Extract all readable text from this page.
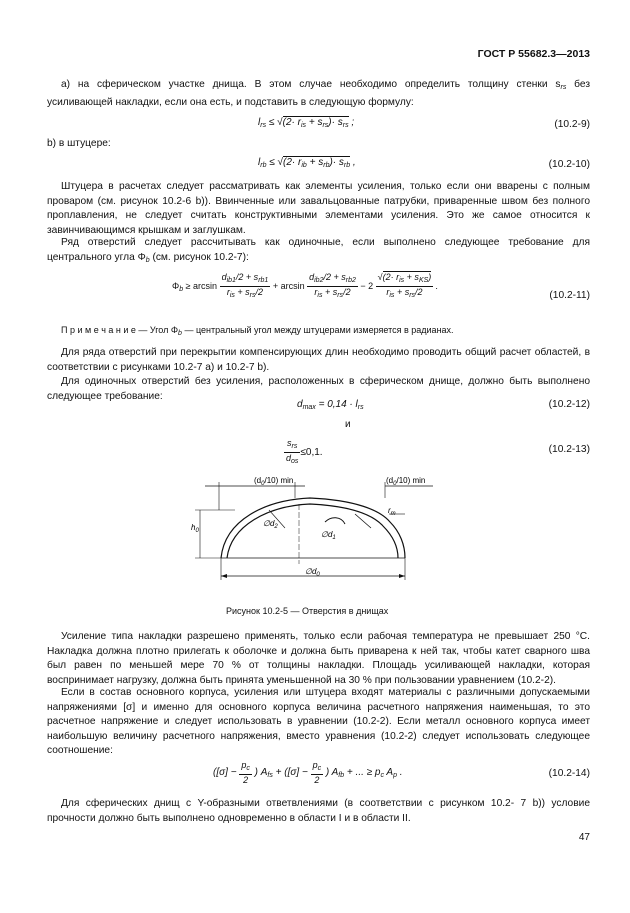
ГОСТ Р 55682.3—2013
a) на сферическом участке днища. В этом случае необходимо определить толщину стенки $s_{rs}$ без усиливающей накладки, если она есть, и подставить в следующую формулу:
$l_{rs} \le √(2\cdot r_{is} + s_{rs})\cdot s_{rs}$ ;	(10.2-9)
b) в штуцере:
$l_{rb} \le √(2\cdot r_{ib} + s_{rb})\cdot s_{rb}$ ,	(10.2-10)
Штуцера в расчетах следует рассматривать как элементы усиления, только если они вварены с полным проваром (см. рисунок 10.2-6 b)). Ввинченные или завальцованные патрубки, приваренные швом без полного проплавления, не следует считать конструктивными элементами усиления. Это же самое относится к завинчивающимся крышкам и заглушкам.
Ряд отверстий следует рассчитывать как одиночные, если выполнено следующее требование для центрального угла $\Phi_b$ (см. рисунок 10.2-7):
$\Phi_b \ge \arcsin \frac{d_{ib1}/2 + s_{rb1}}{r_{is} + s_{rs}/2} + \arcsin \frac{d_{ib2}/2 + s_{rb2}}{r_{is} + s_{rs}/2} - 2 \frac{√(2\cdot r_{is} + s_{KS})}{r_{is} + s_{rs}/2}$ .
(10.2-11)
П р и м е ч а н и е — Угол $\Phi_b$ — центральный угол между штуцерами измеряется в радианах.
Для ряда отверстий при перекрытии компенсирующих длин необходимо проводить общий расчет областей, в соответствии с рисунками 10.2-7 a) и 10.2-7 b).
Для одиночных отверстий без усиления, расположенных в сферическом днище, должно быть выполнено следующее требование:
$d_{max} = 0,14 \cdot l_{rs}$	(10.2-12)
и
$\frac{s_{rs}}{d_{os}} \le 0,1$.	(10.2-13)
$(d_0/10)$ min	$(d_0/10)$ min
$h_0$
$\emptyset d_2$
$\emptyset d_1$
$r_m$
$\emptyset d_0$
Рисунок 10.2-5 — Отверстия в днищах
Усиление типа накладки разрешено применять, только если рабочая температура не превышает 250 °С. Накладка должна плотно прилегать к оболочке и должна быть приварена к ней так, чтобы катет сварного шва был равен по меньшей мере 70 % от толщины накладки. Площадь усиливающей накладки, которая воспринимает нагрузку, должна быть принята уменьшенной на 30 % при пользовании уравнением (10.2-2).
Если в состав основного корпуса, усиления или штуцера входят материалы с различными допускаемыми напряжениями [σ] и именно для основного корпуса величина расчетного напряжения наименьшая, то это расчетное напряжение и следует использовать в уравнении (10.2-2). Если металл основного корпуса имеет наибольшую величину расчетного напряжения, вместо уравнения (10.2-2) следует использовать следующее соотношение:
($[\sigma] - \frac{p_c}{2}$ ) $A_{fs} + ([\sigma] - \frac{p_c}{2}$ ) $A_{fb}$ + ... ≥ $p_c$ $A_p$ .	(10.2-14)
Для сферических днищ с Y-образными ответвлениями (в соответствии с рисунком 10.2- 7 b)) условие прочности должно быть выполнено одновременно в области I и в области II.
47
